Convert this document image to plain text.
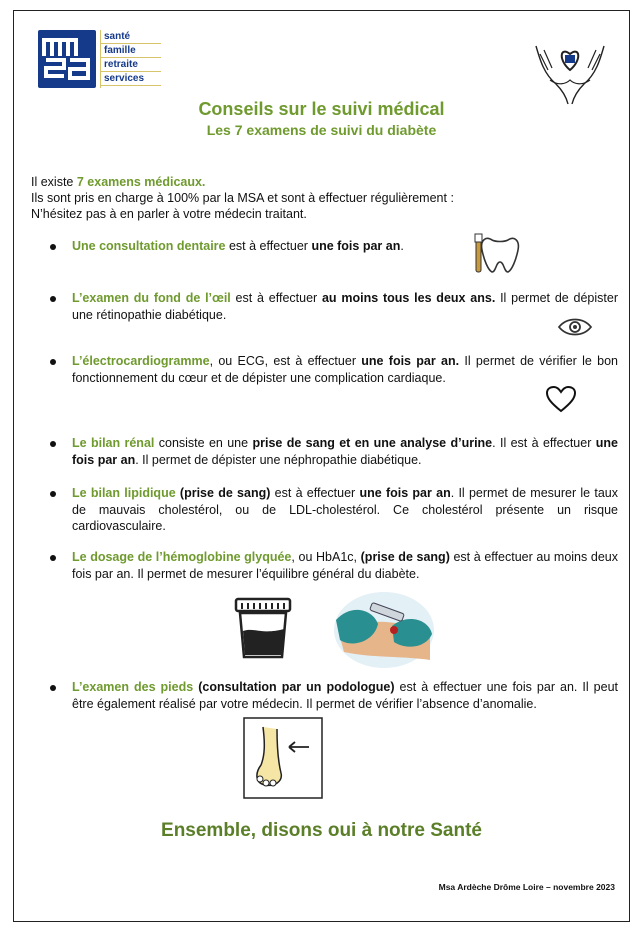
santé
famille
retraite
services
Conseils sur le suivi médical
Les 7 examens de suivi du diabète
Il existe 7 examens médicaux.
Ils sont pris en charge à 100% par la MSA et sont à effectuer régulièrement :
N’hésitez pas à en parler à votre médecin traitant.
Une consultation dentaire est à effectuer une fois par an.
L’examen du fond de l’œil est à effectuer au moins tous les deux ans. Il permet de dépister une rétinopathie diabétique.
L’électrocardiogramme, ou ECG, est à effectuer une fois par an. Il permet de vérifier le bon fonctionnement du cœur et de dépister une complication cardiaque.
Le bilan rénal consiste en une prise de sang et en une analyse d’urine. Il est à effectuer une fois par an. Il permet de dépister une néphropathie diabétique.
Le bilan lipidique (prise de sang) est à effectuer une fois par an. Il permet de mesurer le taux de mauvais cholestérol, ou de LDL-cholestérol. Ce cholestérol présente un risque cardiovasculaire.
Le dosage de l’hémoglobine glyquée, ou HbA1c, (prise de sang) est à effectuer au moins deux fois par an. Il permet de mesurer l’équilibre général du diabète.
L’examen des pieds (consultation par un podologue) est à effectuer une fois par an. Il peut être également réalisé par votre médecin. Il permet de vérifier l’absence d’anomalie.
Ensemble, disons oui à notre Santé
Msa Ardèche Drôme Loire – novembre 2023
